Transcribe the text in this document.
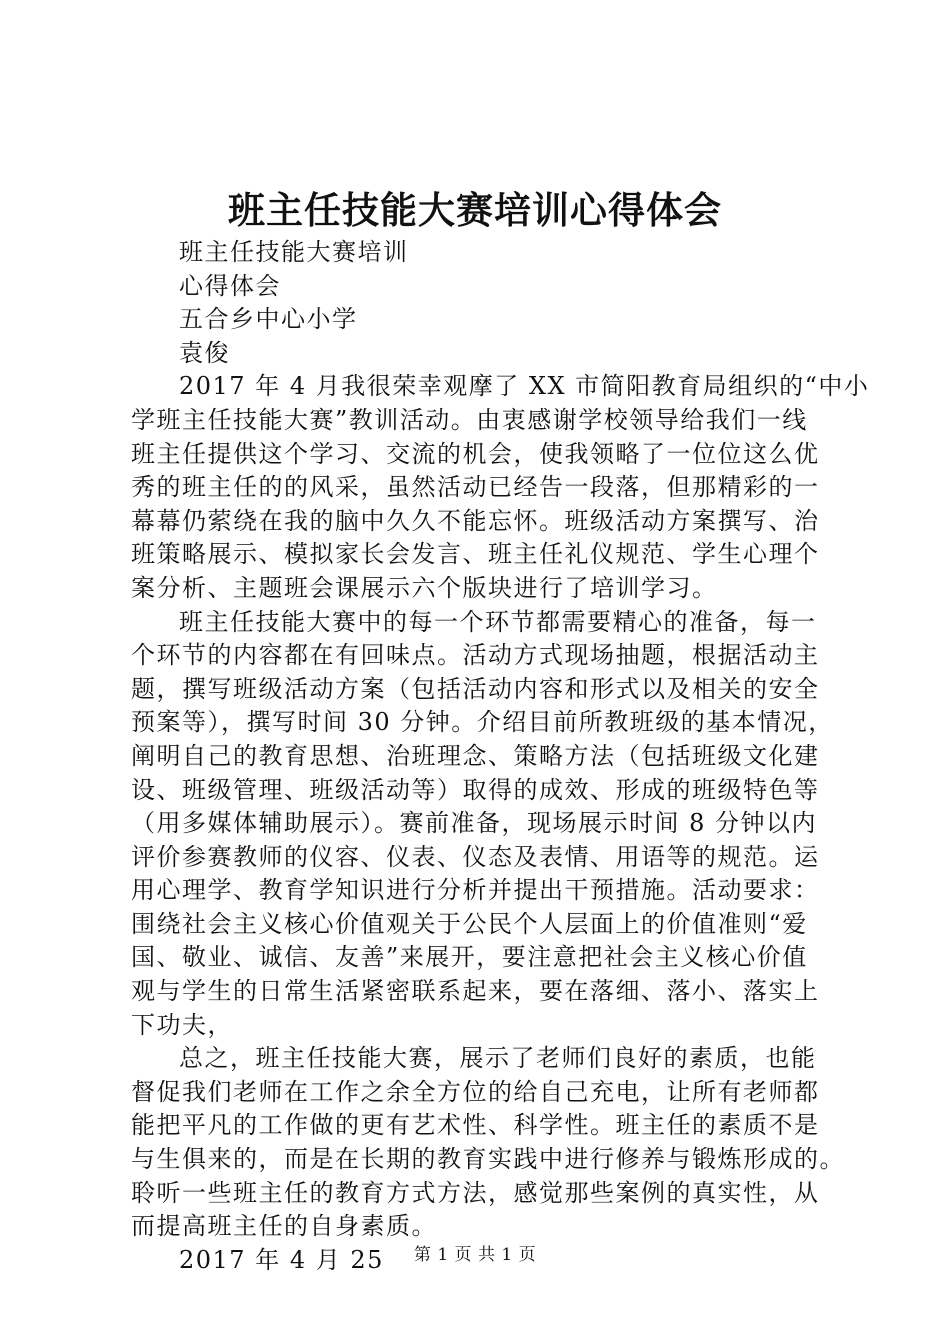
班主任技能大赛培训心得体会
班主任技能大赛培训
心得体会
五合乡中心小学
袁俊
2017 年 4 月我很荣幸观摩了 XX 市简阳教育局组织的“中小
学班主任技能大赛”教训活动。由衷感谢学校领导给我们一线
班主任提供这个学习、交流的机会，使我领略了一位位这么优
秀的班主任的的风采，虽然活动已经告一段落，但那精彩的一
幕幕仍萦绕在我的脑中久久不能忘怀。班级活动方案撰写、治
班策略展示、模拟家长会发言、班主任礼仪规范、学生心理个
案分析、主题班会课展示六个版块进行了培训学习。
班主任技能大赛中的每一个环节都需要精心的准备，每一
个环节的内容都在有回味点。活动方式现场抽题，根据活动主
题，撰写班级活动方案（包括活动内容和形式以及相关的安全
预案等），撰写时间 30 分钟。介绍目前所教班级的基本情况，
阐明自己的教育思想、治班理念、策略方法（包括班级文化建
设、班级管理、班级活动等）取得的成效、形成的班级特色等
（用多媒体辅助展示）。赛前准备，现场展示时间 8 分钟以内
评价参赛教师的仪容、仪表、仪态及表情、用语等的规范。运
用心理学、教育学知识进行分析并提出干预措施。活动要求：
围绕社会主义核心价值观关于公民个人层面上的价值准则“爱
国、敬业、诚信、友善”来展开，要注意把社会主义核心价值
观与学生的日常生活紧密联系起来，要在落细、落小、落实上
下功夫，
总之，班主任技能大赛，展示了老师们良好的素质，也能
督促我们老师在工作之余全方位的给自己充电，让所有老师都
能把平凡的工作做的更有艺术性、科学性。班主任的素质不是
与生俱来的，而是在长期的教育实践中进行修养与锻炼形成的。
聆听一些班主任的教育方式方法，感觉那些案例的真实性，从
而提高班主任的自身素质。
2017 年 4 月 25	第 1 页 共 1 页
